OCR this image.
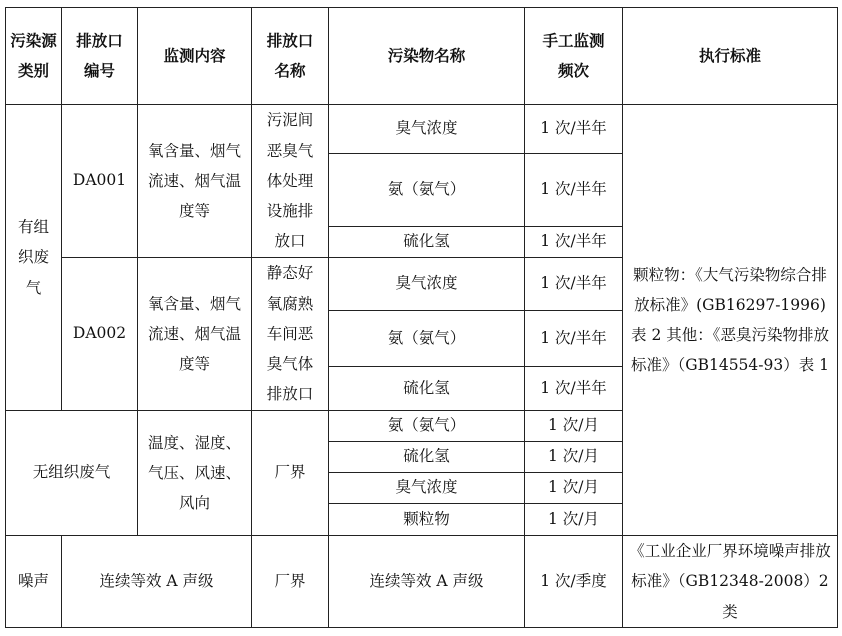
污染源类别	排放口编号	监测内容	排放口名称	污染物名称	手工监测频次	执行标准
有组织废气	DA001	氧含量、烟气流速、烟气温度等	污泥间恶臭气体处理设施排放口	臭气浓度	1 次/半年	颗粒物：《大气污染物综合排放标准》(GB16297-1996)表 2 其他：《恶臭污染物排放标准》（GB14554-93）表 1
				氨（氨气）	1 次/半年	
				硫化氢	1 次/半年	
	DA002	氧含量、烟气流速、烟气温度等	静态好氧腐熟车间恶臭气体排放口	臭气浓度	1 次/半年	
				氨（氨气）	1 次/半年	
				硫化氢	1 次/半年	
无组织废气		温度、湿度、气压、风速、风向	厂界	氨（氨气）	1 次/月	
				硫化氢	1 次/月	
				臭气浓度	1 次/月	
				颗粒物	1 次/月	
噪声	连续等效 A 声级		厂界	连续等效 A 声级	1 次/季度	《工业企业厂界环境噪声排放标准》（GB12348-2008）2 类
